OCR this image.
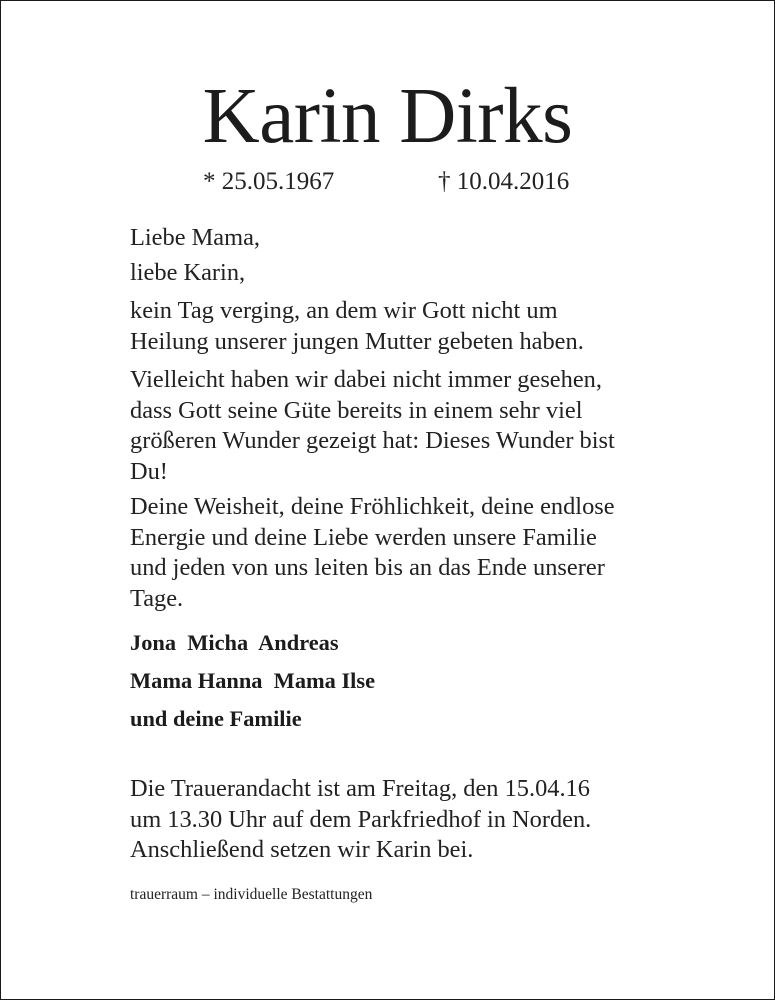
Karin Dirks
* 25.05.1967	† 10.04.2016

Liebe Mama,

liebe Karin,

kein Tag verging, an dem wir Gott nicht um

Heilung unserer jungen Mutter gebeten haben.

Vielleicht haben wir dabei nicht immer gesehen,

dass Gott seine Güte bereits in einem sehr viel

größeren Wunder gezeigt hat: Dieses Wunder bist

Du!

Deine Weisheit, deine Fröhlichkeit, deine endlose

Energie und deine Liebe werden unsere Familie

und jeden von uns leiten bis an das Ende unserer

Tage.

Jona  Micha  Andreas
Mama Hanna  Mama Ilse
und deine Familie

Die Trauerandacht ist am Freitag, den 15.04.16

um 13.30 Uhr auf dem Parkfriedhof in Norden.

Anschließend setzen wir Karin bei.

trauerraum – individuelle Bestattungen
